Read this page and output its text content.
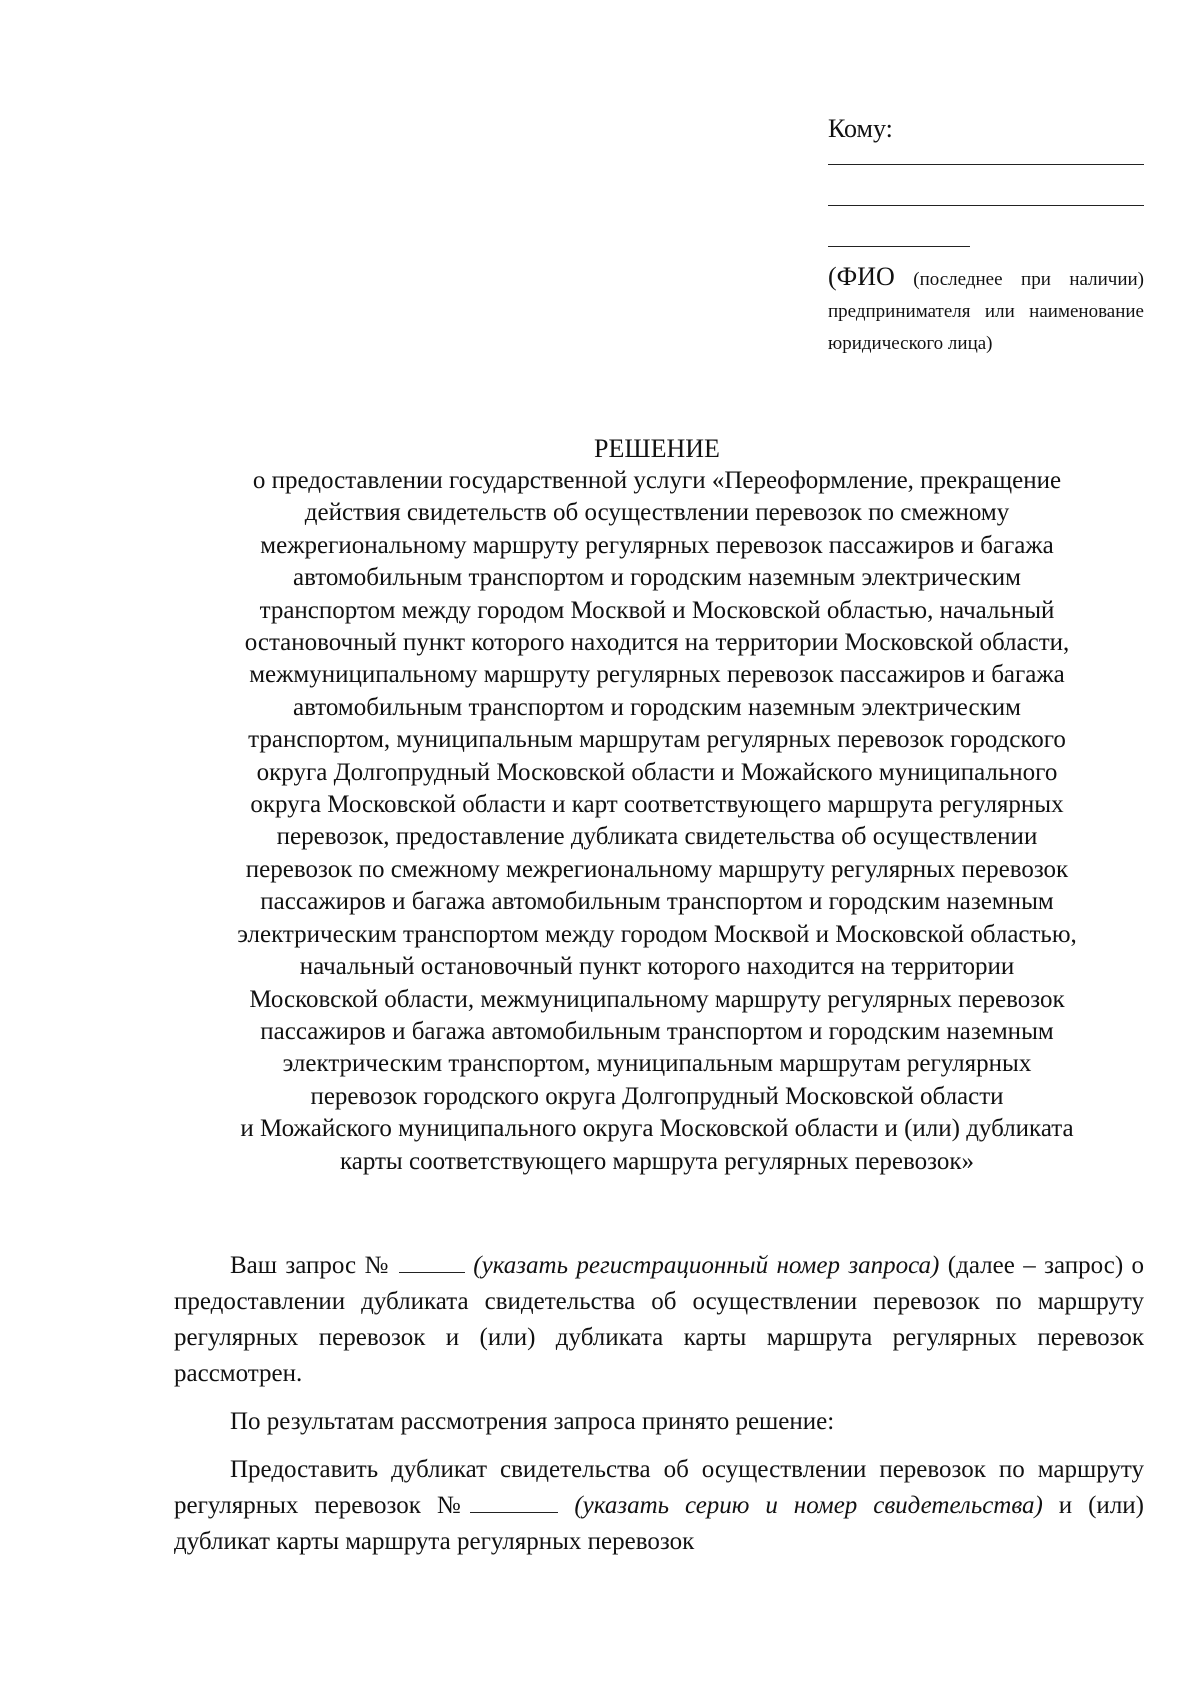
Кому:

(ФИО (последнее при наличии) предпринимателя или наименование юридического лица)

РЕШЕНИЕ

о предоставлении государственной услуги «Переоформление, прекращение
действия свидетельств об осуществлении перевозок по смежному
межрегиональному маршруту регулярных перевозок пассажиров и багажа
автомобильным транспортом и городским наземным электрическим
транспортом между городом Москвой и Московской областью, начальный
остановочный пункт которого находится на территории Московской области,
межмуниципальному маршруту регулярных перевозок пассажиров и багажа
автомобильным транспортом и городским наземным электрическим
транспортом, муниципальным маршрутам регулярных перевозок городского
округа Долгопрудный Московской области и Можайского муниципального
округа Московской области и карт соответствующего маршрута регулярных
перевозок, предоставление дубликата свидетельства об осуществлении
перевозок по смежному межрегиональному маршруту регулярных перевозок
пассажиров и багажа автомобильным транспортом и городским наземным
электрическим транспортом между городом Москвой и Московской областью,
начальный остановочный пункт которого находится на территории
Московской области, межмуниципальному маршруту регулярных перевозок
пассажиров и багажа автомобильным транспортом и городским наземным
электрическим транспортом, муниципальным маршрутам регулярных
перевозок городского округа Долгопрудный Московской области
и Можайского муниципального округа Московской области и (или) дубликата
карты соответствующего маршрута регулярных перевозок»

Ваш запрос №	(указать регистрационный номер запроса) (далее – запрос) о предоставлении дубликата свидетельства об осуществлении перевозок по маршруту регулярных перевозок и (или) дубликата карты маршрута регулярных перевозок рассмотрен.

По результатам рассмотрения запроса принято решение:

Предоставить дубликат свидетельства об осуществлении перевозок по маршруту регулярных перевозок №	(указать серию и номер свидетельства) и (или) дубликат карты маршрута регулярных перевозок
